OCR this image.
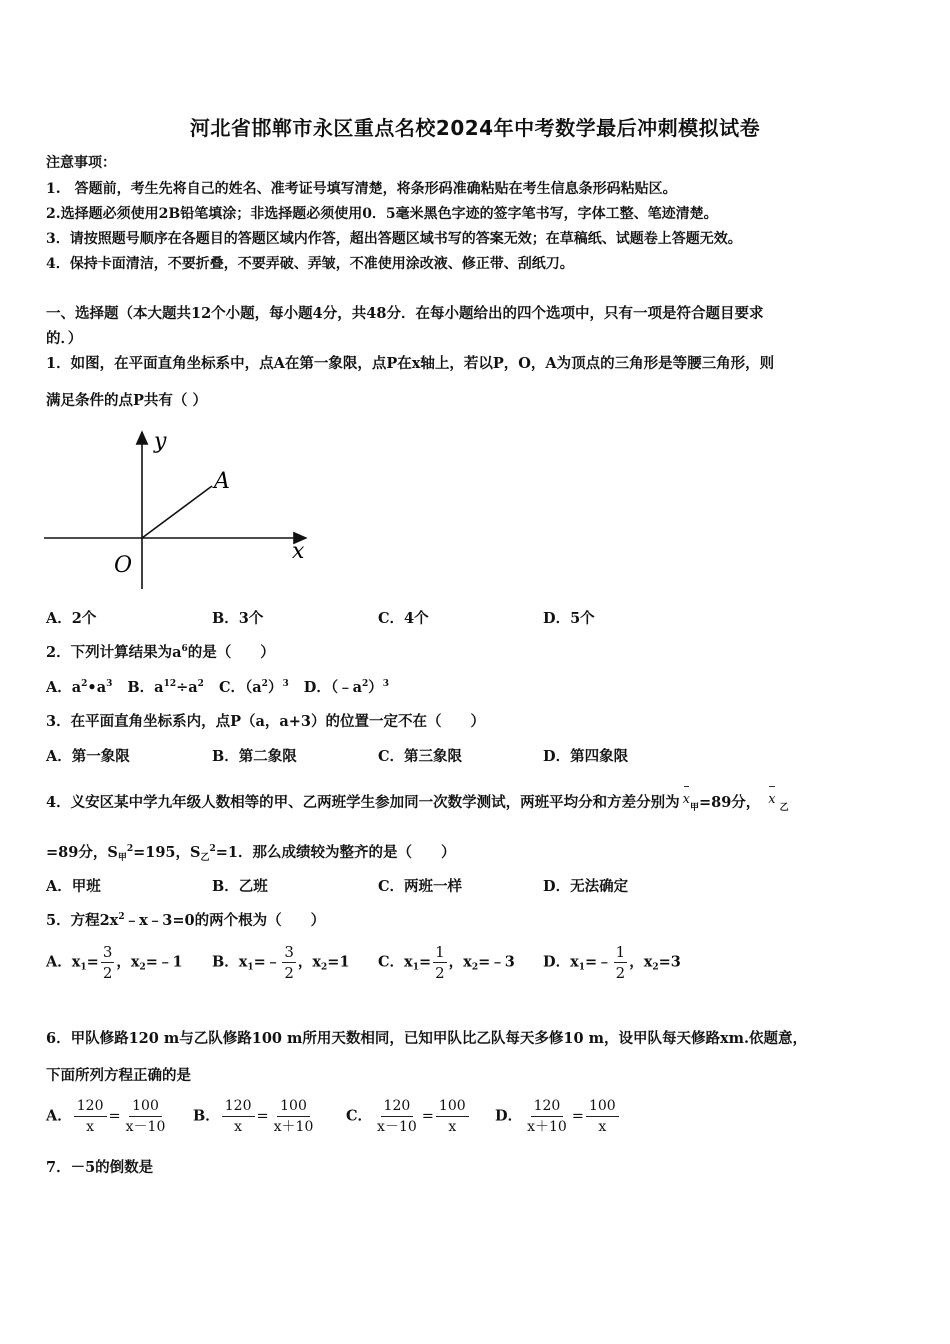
河北省邯郸市永区重点名校2024年中考数学最后冲刺模拟试卷
注意事项：
1.　答题前，考生先将自己的姓名、准考证号填写清楚，将条形码准确粘贴在考生信息条形码粘贴区。
2.选择题必须使用2B铅笔填涂；非选择题必须使用0．5毫米黑色字迹的签字笔书写，字体工整、笔迹清楚。
3．请按照题号顺序在各题目的答题区域内作答，超出答题区域书写的答案无效；在草稿纸、试题卷上答题无效。
4．保持卡面清洁，不要折叠，不要弄破、弄皱，不准使用涂改液、修正带、刮纸刀。
一、选择题（本大题共12个小题，每小题4分，共48分．在每小题给出的四个选项中，只有一项是符合题目要求
的．）
1．如图，在平面直角坐标系中，点A在第一象限，点P在x轴上，若以P，O，A为顶点的三角形是等腰三角形，则
满足条件的点P共有（ ）
y
A
O
x
A．2个	B．3个	C．4个	D．5个
2．下列计算结果为$a^6$的是（　　）
A．$a^2•a^3$ B．$a^{12}\div a^2$ C．$(a^2)^3$ D．$(﹣a^2)^3$
3．在平面直角坐标系内，点P（a，a+3）的位置一定不在（　　）
A．第一象限	B．第二象限	C．第三象限	D．第四象限
4．义安区某中学九年级人数相等的甲、乙两班学生参加同一次数学测试，两班平均分和方差分别为 $x_甲=89$分， $x_乙$
=89分，$S_甲^2=195$，$S_乙^2=1$．那么成绩较为整齐的是（　　）
A．甲班	B．乙班	C．两班一样	D．无法确定
5．方程$2x^2﹣x﹣3=0$的两个根为（　　）
A．$x_1= \frac{3}{2}$ ，$x_2=﹣1$ B．$x_1=﹣ \frac{3}{2}$ ，$x_2=1$ C．$x_1= \frac{1}{2}$ ，$x_2=﹣3$ D．$x_1=﹣ \frac{1}{2}$ ，$x_2=3$
6．甲队修路120 m与乙队修路100 m所用天数相同，已知甲队比乙队每天多修10 m，设甲队每天修路xm.依题意，
下面所列方程正确的是
A． $\frac{120}{x} = \frac{100}{x-10}$ B． $\frac{120}{x} = \frac{100}{x+10}$ C． $\frac{120}{x-10} = \frac{100}{x}$ D． $\frac{120}{x+10} = \frac{100}{x}$
7．－5的倒数是
